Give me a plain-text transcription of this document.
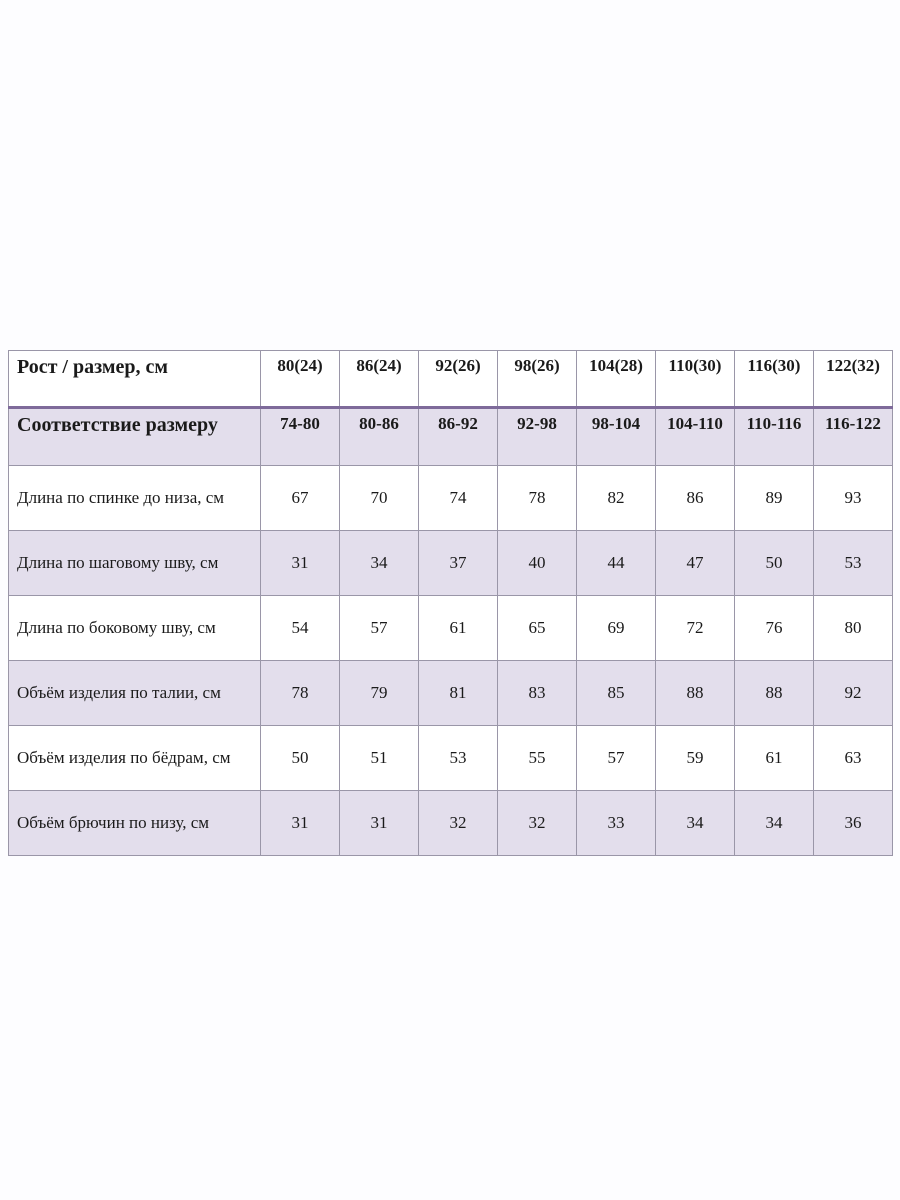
Рост / размер, см	80(24)	86(24)	92(26)	98(26)	104(28)	110(30)	116(30)	122(32)
Соответствие размеру	74-80	80-86	86-92	92-98	98-104	104-110	110-116	116-122
Длина по спинке до низа, см	67	70	74	78	82	86	89	93
Длина по шаговому шву, см	31	34	37	40	44	47	50	53
Длина по боковому шву, см	54	57	61	65	69	72	76	80
Объём изделия по талии, см	78	79	81	83	85	88	88	92
Объём изделия по бёдрам, см	50	51	53	55	57	59	61	63
Объём брючин по низу, см	31	31	32	32	33	34	34	36
